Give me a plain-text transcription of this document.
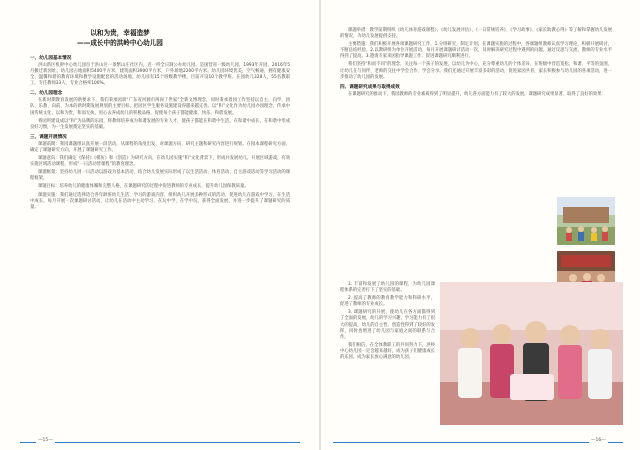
以和为贵，幸福造梦
——成长中的洪岭中心幼儿园
一、幼儿园基本情况

洪山新区机幹中心幼儿园位于洪山区一条繁山庄社区内，近一所全日制公办幼儿园。是国营省一级幼儿园，1993年开园，2016年5月搬迁新园址。幼儿园占地面积5400平方米，建筑面积3900平方米，户外场地2200平方米。幼儿园环境优美，空气畅通，拥有健康安全、温馨和谐的教育环境和教学设施配套的活动场地。幼儿园有15个班级教学楼，目前开设10个教学班，在园幼儿328人，55名教职工，专任教师33人，专业合格率100%。

二、幼儿园理念

在新时期教育发展的新要求下，我们秉承园训“广东省河源市两岗丁世家”全新文博理念，同时秉承着园工作坚持以自主、向学、团队、乐教、向前、为本的新时期发展规划的主要目标，把园区学生服务设施建设得越来越完善。以“和”文化作为幼儿园办园理念，传承中国传统文化，以和为贵，和而无执，用心去养成幼儿的积极品格，促使每个孩子都能健康、快乐、和谐发展。

将园所建设成以“和”为品牌的乐园，将教师培养成为和谐发展的专业人才，使孩子都能在和谐中生活，在和谐中成长，在和谐中形成良好习惯，为一生发展奠定坚实的基础。

三、课题开展情况

课题前期：我园课题组认真开展一段活动，从课程的角度出发，对课题方向、研究主题和研究内容进行规划。在园本课程研究方面，确定了课题研究方向，开展了课题研究工作。

课题意向：我们确定《保持》《模仿》和《创造》为研究方向，在幼儿园实施“和”文化背景下，形成并发展幼儿，开展区域游戏，有效实施区域活动课程，形成“一日活动皆课程”的教育理念。

课题框架：坚持幼儿园一日活动以游戏为基本活动，结合幼儿发展实际形成了以生活活动、体育活动、自主游戏活动等学习活动的课程框架。

课题目标：培养幼儿的健康体魄和完整人格，在课题研究的过程中促进教师的专业成长，提升幼儿园保教质量。

课题实施：我们通过选择适合各年龄班幼儿生活、学习的游戏内容，组织幼儿开展多种形式的活动，促进幼儿在游戏中学习，在生活中成长。每月开展一次课题研讨活动，让幼儿在活动中主动学习，在玩中学，在学中玩，获得全面发展，并进一步提升了课题研究的质量。

—15—

课题举措：教学前期组织《幼儿体育游戏课程》、《幼儿发展评估》、《一日常规培养》、《学习故事》、《家长助教心得》等了解和掌握幼儿发展的情况，为幼儿发展提供支持。

主要措施：我们积极开展各项课题研究工作，1.分组研究，制定计划；在课题实施的过程中，各课题组教师认真学习理论，积极开展研讨，不断总结经验。2.以教研组为单位开展活动，每月开展课题研讨活动一次，及时解决研究过程中遇到的问题，通过反思与交流，教师的专业水平得到了提高。3.邀请专家来园指导课题工作，促进课题研究顺利进行。

我们坚持“和而不同”的理念，关注每一个孩子的发展，以幼儿为中心，充分尊重幼儿的个体差异，在班级中营造宽松、和谐、平等的氛围，让幼儿在与同伴、老师的交往中学会合作、学会分享。我们还通过开展丰富多彩的活动，促进家园共育，家长积极参与幼儿园的各项活动，进一步推动了幼儿园的发展。

四、课题研究成果与取得成效

在课题研究的推动下，我园教师的专业素质得到了明显提升，幼儿各方面能力有了较大的发展，课题研究成果显著，取得了良好的效果：

1. 丰富和发展了幼儿园的课程，为幼儿园课程体系的完善打下了坚实的基础。

2. 提高了教师的教育教学能力和科研水平，促进了教师的专业成长。

3. 课题研究的开展，使幼儿在各方面都得到了全面的发展，幼儿的学习兴趣、学习能力有了很大的提高，幼儿的自主性、创造性得到了较好的发挥，同时也增进了幼儿园与家庭之间的联系与合作。

我们相信，在全体教职工的共同努力下，洪岭中心幼儿园一定会越来越好，成为孩子们健康成长的乐园，成为家长放心满意的幼儿园。

—16—
